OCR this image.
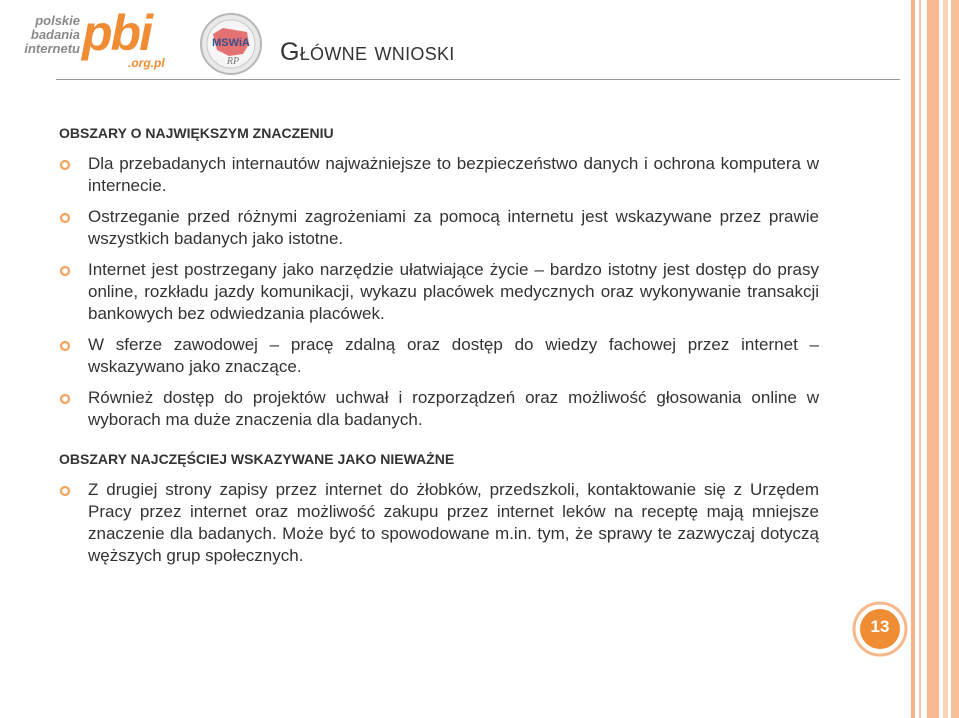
polskie
badania
internetu pbi
.org.pl
MSWiA
RP Główne wnioski
OBSZARY O NAJWIĘKSZYM ZNACZENIU
Dla przebadanych internautów najważniejsze to bezpieczeństwo danych i ochrona komputera w internecie.
Ostrzeganie przed różnymi zagrożeniami za pomocą internetu jest wskazywane przez prawie wszystkich badanych jako istotne.
Internet jest postrzegany jako narzędzie ułatwiające życie – bardzo istotny jest dostęp do prasy online, rozkładu jazdy komunikacji, wykazu placówek medycznych oraz wykonywanie transakcji bankowych bez odwiedzania placówek.
W sferze zawodowej – pracę zdalną oraz dostęp do wiedzy fachowej przez internet – wskazywano jako znaczące.
Również dostęp do projektów uchwał i rozporządzeń oraz możliwość głosowania online w wyborach ma duże znaczenia dla badanych.
OBSZARY NAJCZĘŚCIEJ WSKAZYWANE JAKO NIEWAŻNE
Z drugiej strony zapisy przez internet do żłobków, przedszkoli, kontaktowanie się z Urzędem Pracy przez internet oraz możliwość zakupu przez internet leków na receptę mają mniejsze znaczenie dla badanych. Może być to spowodowane m.in. tym, że sprawy te zazwyczaj dotyczą węższych grup społecznych.
13
